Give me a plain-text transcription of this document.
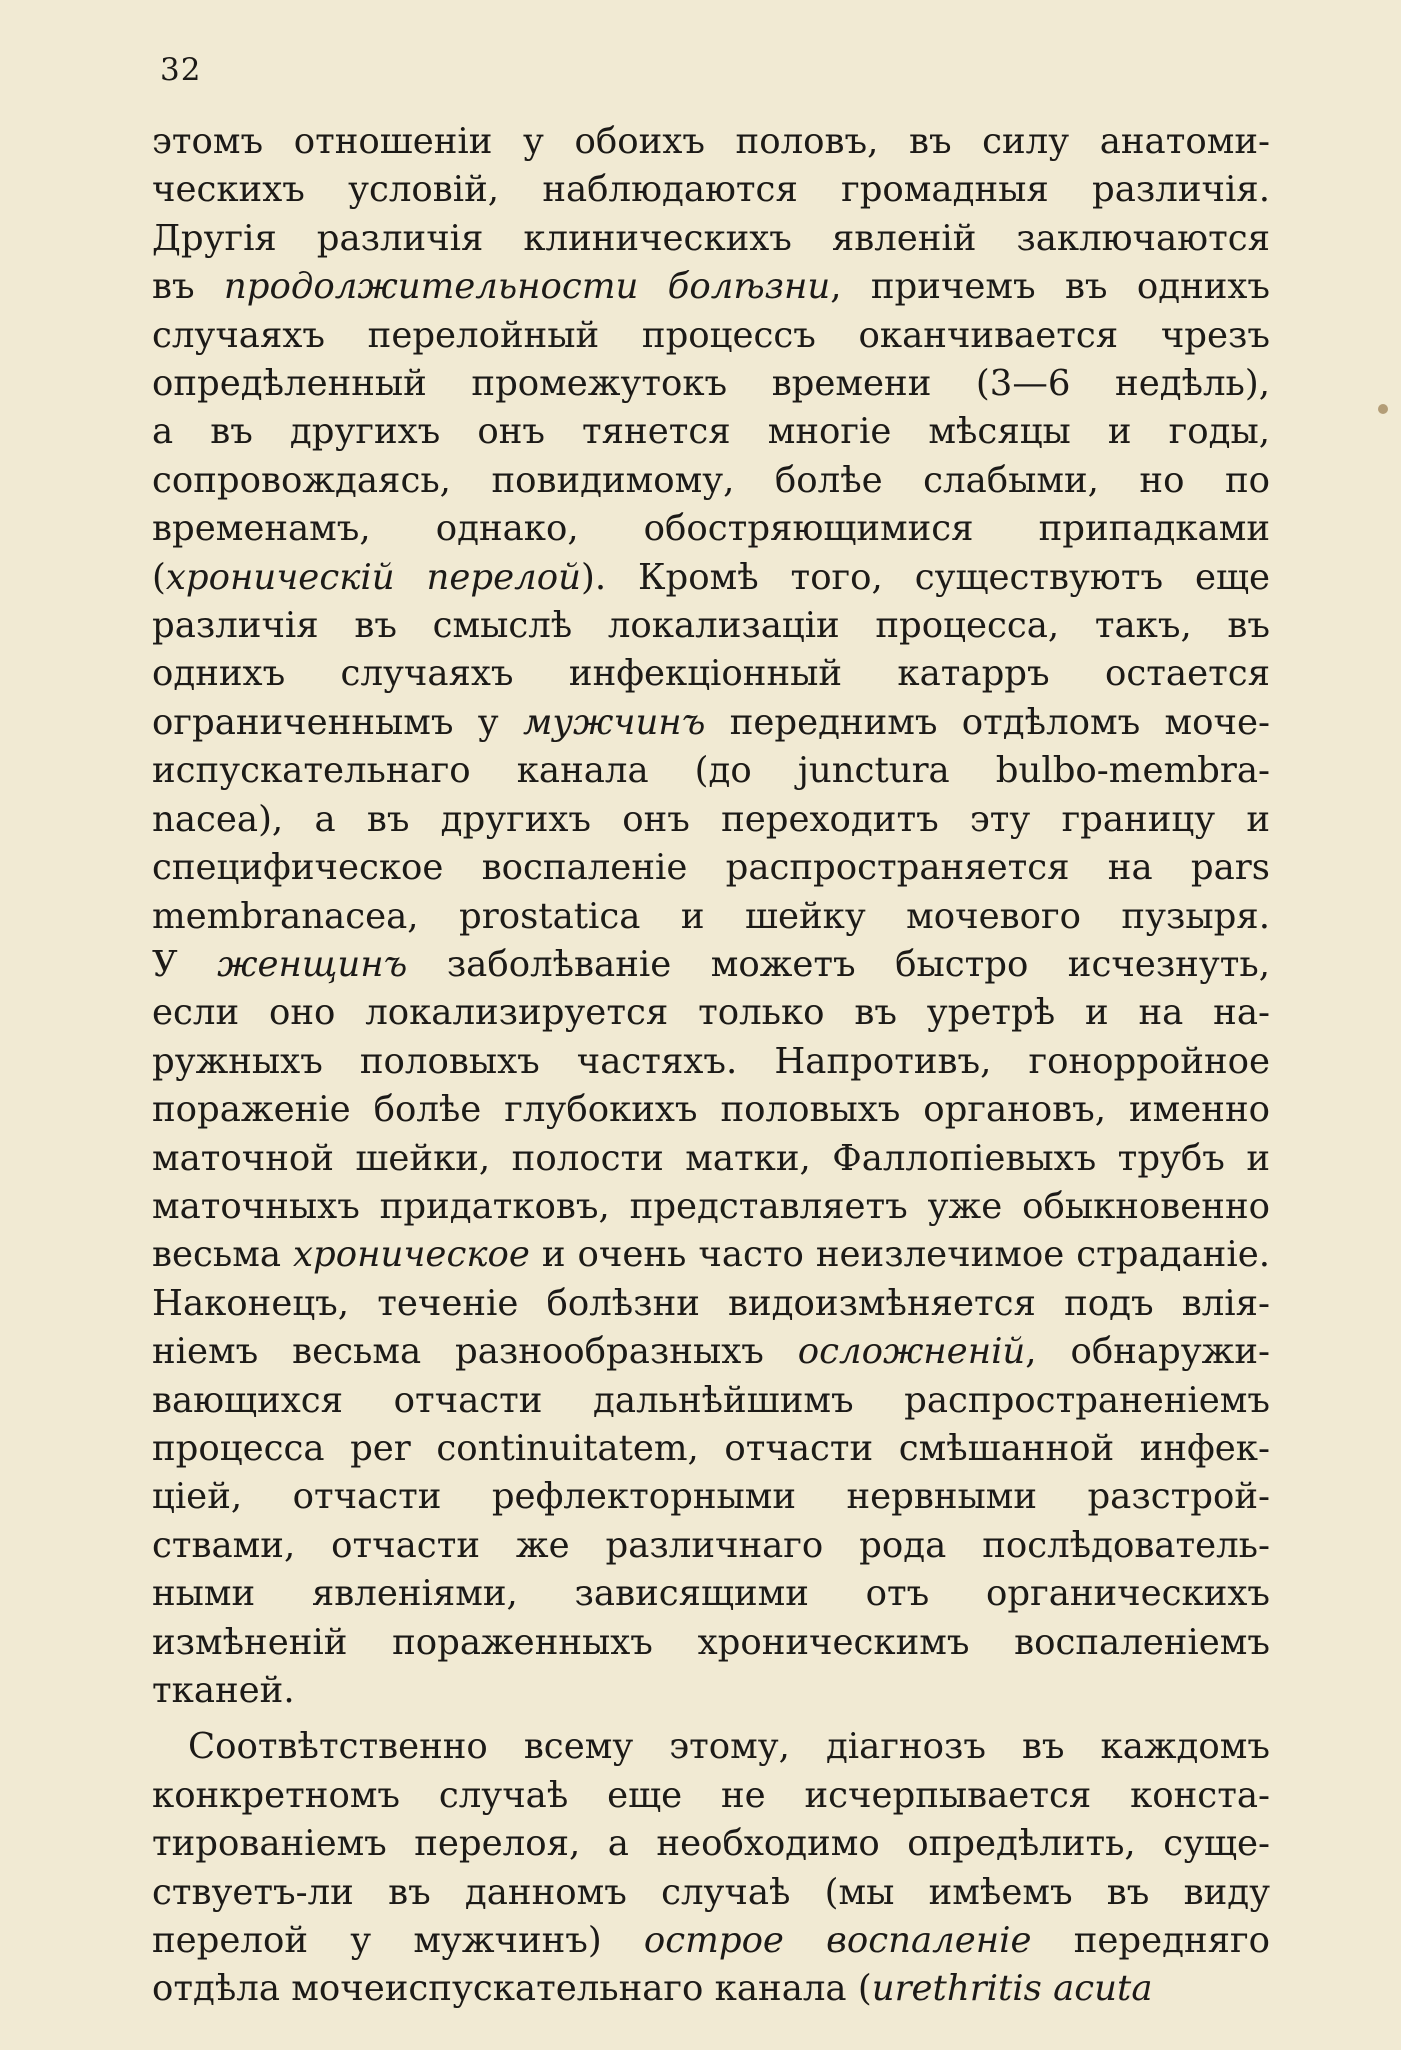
32
этомъ отношеніи у обоихъ половъ, въ силу анатоми-
ческихъ условій, наблюдаются громадныя различія.
Другія различія клиническихъ явленій заключаются
въ продолжительности болѣзни, причемъ въ однихъ
случаяхъ перелойный процессъ оканчивается чрезъ
опредѣленный промежутокъ времени (3—6 недѣль),
а въ другихъ онъ тянется многіе мѣсяцы и годы,
сопровождаясь, повидимому, болѣе слабыми, но по
временамъ, однако, обостряющимися припадками
(хроническій перелой). Кромѣ того, существуютъ еще
различія въ смыслѣ локализаціи процесса, такъ, въ
однихъ случаяхъ инфекціонный катарръ остается
ограниченнымъ у мужчинъ переднимъ отдѣломъ моче-
испускательнаго канала (до junctura bulbo-membra-
nacea), а въ другихъ онъ переходитъ эту границу и
специфическое воспаленіе распространяется на pars
membranacea, prostatica и шейку мочевого пузыря.
У женщинъ заболѣваніе можетъ быстро исчезнуть,
если оно локализируется только въ уретрѣ и на на-
ружныхъ половыхъ частяхъ. Напротивъ, гонорройное
пораженіе болѣе глубокихъ половыхъ органовъ, именно
маточной шейки, полости матки, Фаллопіевыхъ трубъ и
маточныхъ придатковъ, представляетъ уже обыкновенно
весьма хроническое и очень часто неизлечимое страданіе.
Наконецъ, теченіе болѣзни видоизмѣняется подъ влія-
ніемъ весьма разнообразныхъ осложненій, обнаружи-
вающихся отчасти дальнѣйшимъ распространеніемъ
процесса per continuitatem, отчасти смѣшанной инфек-
ціей, отчасти рефлекторными нервными разстрой-
ствами, отчасти же различнаго рода послѣдователь-
ными явленіями, зависящими отъ органическихъ
измѣненій пораженныхъ хроническимъ воспаленіемъ
тканей.
Соотвѣтственно всему этому, діагнозъ въ каждомъ
конкретномъ случаѣ еще не исчерпывается конста-
тированіемъ перелоя, а необходимо опредѣлить, суще-
ствуетъ-ли въ данномъ случаѣ (мы имѣемъ въ виду
перелой у мужчинъ) острое воспаленіе передняго
отдѣла мочеиспускательнаго канала (urethritis acuta
